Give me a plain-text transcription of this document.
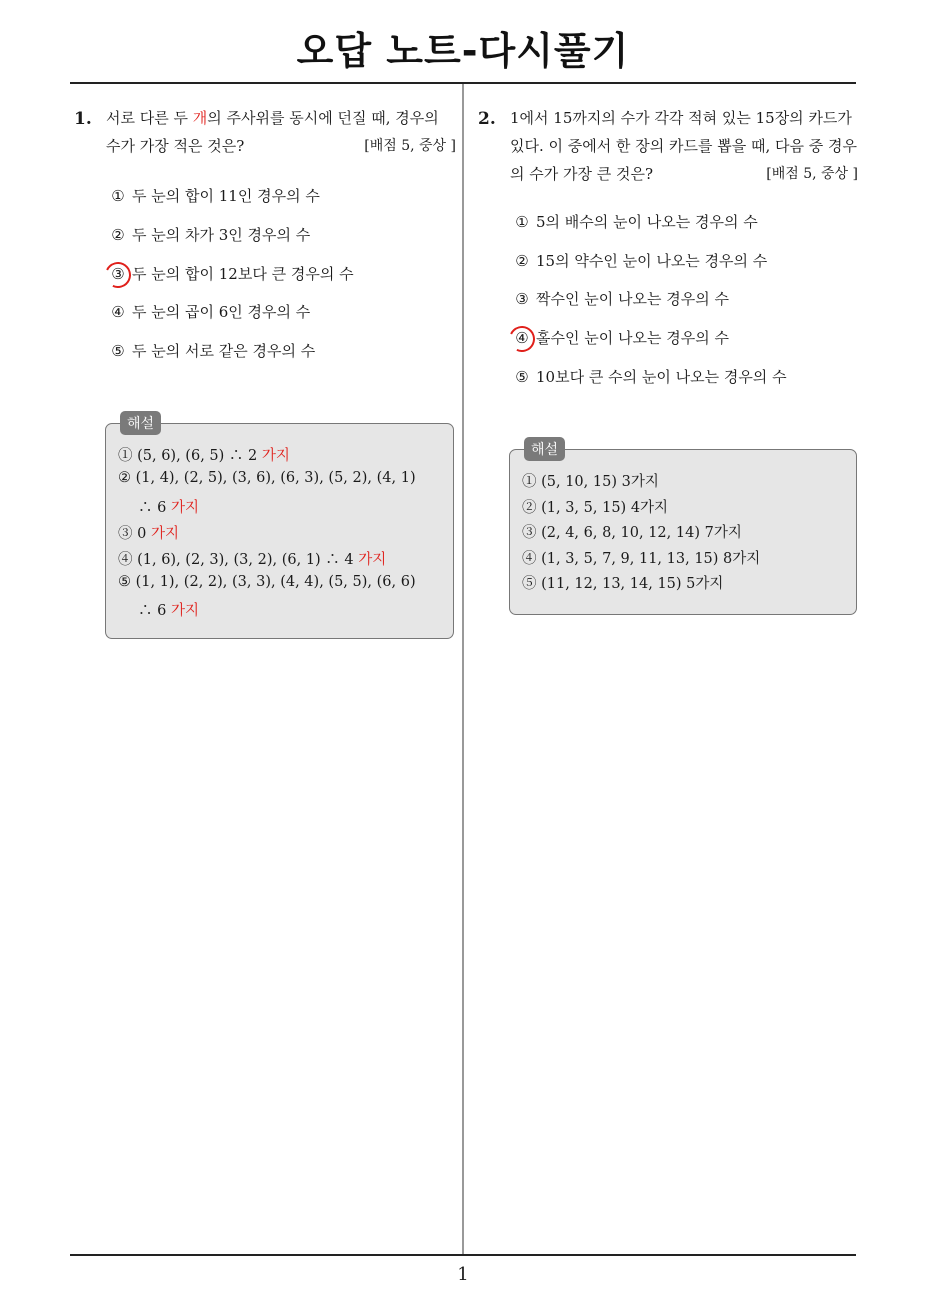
오답 노트-다시풀기
1. 서로 다른 두 개의 주사위를 동시에 던질 때, 경우의 수가 가장 적은 것은?	[배점 5, 중상 ]
① 두 눈의 합이 11인 경우의 수
② 두 눈의 차가 3인 경우의 수
③ 두 눈의 합이 12보다 큰 경우의 수
④ 두 눈의 곱이 6인 경우의 수
⑤ 두 눈의 서로 같은 경우의 수
해설
① (5, 6), (6, 5) ∴ 2 가지
② (1, 4), (2, 5), (3, 6), (6, 3), (5, 2), (4, 1)
∴ 6 가지
③ 0 가지
④ (1, 6), (2, 3), (3, 2), (6, 1) ∴ 4 가지
⑤ (1, 1), (2, 2), (3, 3), (4, 4), (5, 5), (6, 6)
∴ 6 가지
2. 1에서 15까지의 수가 각각 적혀 있는 15장의 카드가 있다. 이 중에서 한 장의 카드를 뽑을 때, 다음 중 경우의 수가 가장 큰 것은?	[배점 5, 중상 ]
① 5의 배수의 눈이 나오는 경우의 수
② 15의 약수인 눈이 나오는 경우의 수
③ 짝수인 눈이 나오는 경우의 수
④ 홀수인 눈이 나오는 경우의 수
⑤ 10보다 큰 수의 눈이 나오는 경우의 수
해설
① (5, 10, 15) 3가지
② (1, 3, 5, 15) 4가지
③ (2, 4, 6, 8, 10, 12, 14) 7가지
④ (1, 3, 5, 7, 9, 11, 13, 15) 8가지
⑤ (11, 12, 13, 14, 15) 5가지
1
